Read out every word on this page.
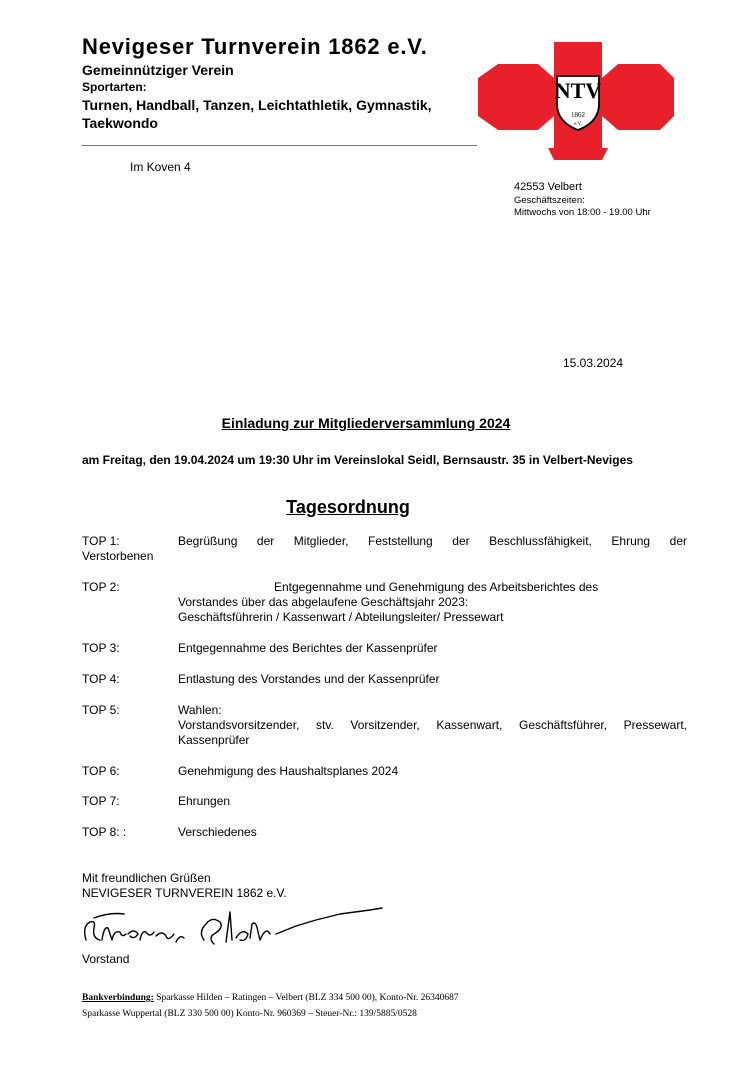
Nevigeser Turnverein 1862 e.V.
Gemeinnütziger Verein
Sportarten:
Turnen, Handball, Tanzen, Leichtathletik, Gymnastik, Taekwondo
NTV
1862
e.V.
Im Koven 4
42553 Velbert
Geschäftszeiten:
Mittwochs von 18:00 - 19.00 Uhr
15.03.2024
Einladung zur Mitgliederversammlung 2024
am Freitag, den 19.04.2024 um 19:30 Uhr im Vereinslokal Seidl, Bernsaustr. 35 in Velbert-Neviges
Tagesordnung
TOP 1:	Begrüßung der Mitglieder, Feststellung der Beschlussfähigkeit, Ehrung der
Verstorbenen
TOP 2:	Entgegennahme und Genehmigung des Arbeitsberichtes des
Vorstandes über das abgelaufene Geschäftsjahr 2023:
Geschäftsführerin / Kassenwart / Abteilungsleiter/ Pressewart
TOP 3:	Entgegennahme des Berichtes der Kassenprüfer
TOP 4:	Entlastung des Vorstandes und der Kassenprüfer
TOP 5:	Wahlen:
Vorstandsvorsitzender, stv. Vorsitzender, Kassenwart, Geschäftsführer, Pressewart,
Kassenprüfer
TOP 6:	Genehmigung des Haushaltsplanes 2024
TOP 7:	Ehrungen
TOP 8: :	Verschiedenes
Mit freundlichen Grüßen
NEVIGESER TURNVEREIN 1862 e.V.
Vorstand
Bankverbindung: Sparkasse Hilden – Ratingen – Velbert (BLZ 334 500 00), Konto-Nr. 26340687
Sparkasse Wuppertal (BLZ 330 500 00) Konto-Nr. 960369 – Steuer-Nr.: 139/5885/0528
